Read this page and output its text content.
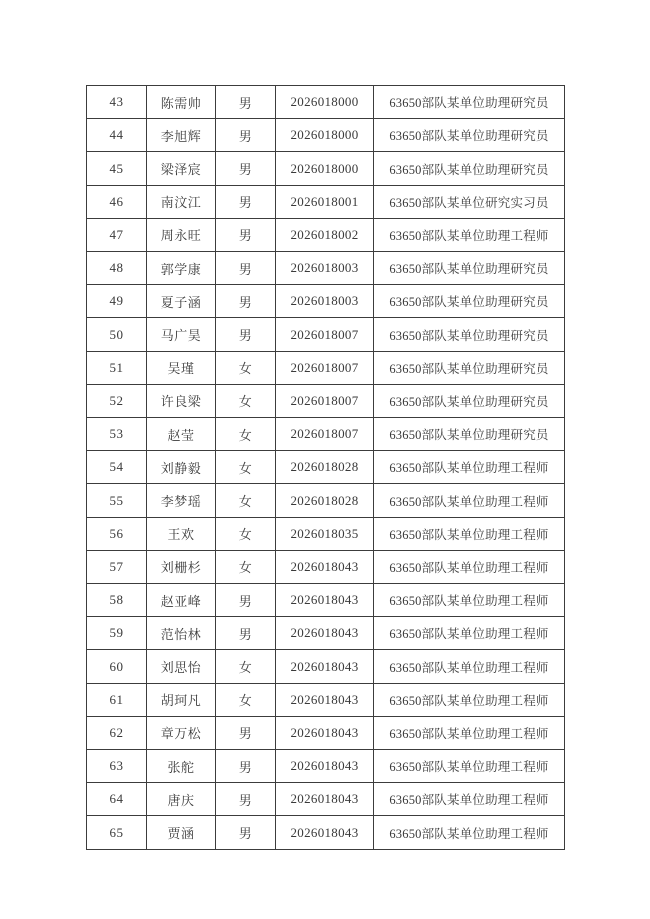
43	陈需帅	男	2026018000	63650部队某单位助理研究员
44	李旭辉	男	2026018000	63650部队某单位助理研究员
45	梁泽宸	男	2026018000	63650部队某单位助理研究员
46	南汶江	男	2026018001	63650部队某单位研究实习员
47	周永旺	男	2026018002	63650部队某单位助理工程师
48	郭学康	男	2026018003	63650部队某单位助理研究员
49	夏子涵	男	2026018003	63650部队某单位助理研究员
50	马广昊	男	2026018007	63650部队某单位助理研究员
51	吴瑾	女	2026018007	63650部队某单位助理研究员
52	许良梁	女	2026018007	63650部队某单位助理研究员
53	赵莹	女	2026018007	63650部队某单位助理研究员
54	刘静毅	女	2026018028	63650部队某单位助理工程师
55	李梦瑶	女	2026018028	63650部队某单位助理工程师
56	王欢	女	2026018035	63650部队某单位助理工程师
57	刘栅杉	女	2026018043	63650部队某单位助理工程师
58	赵亚峰	男	2026018043	63650部队某单位助理工程师
59	范怡林	男	2026018043	63650部队某单位助理工程师
60	刘思怡	女	2026018043	63650部队某单位助理工程师
61	胡珂凡	女	2026018043	63650部队某单位助理工程师
62	章万松	男	2026018043	63650部队某单位助理工程师
63	张舵	男	2026018043	63650部队某单位助理工程师
64	唐庆	男	2026018043	63650部队某单位助理工程师
65	贾涵	男	2026018043	63650部队某单位助理工程师
